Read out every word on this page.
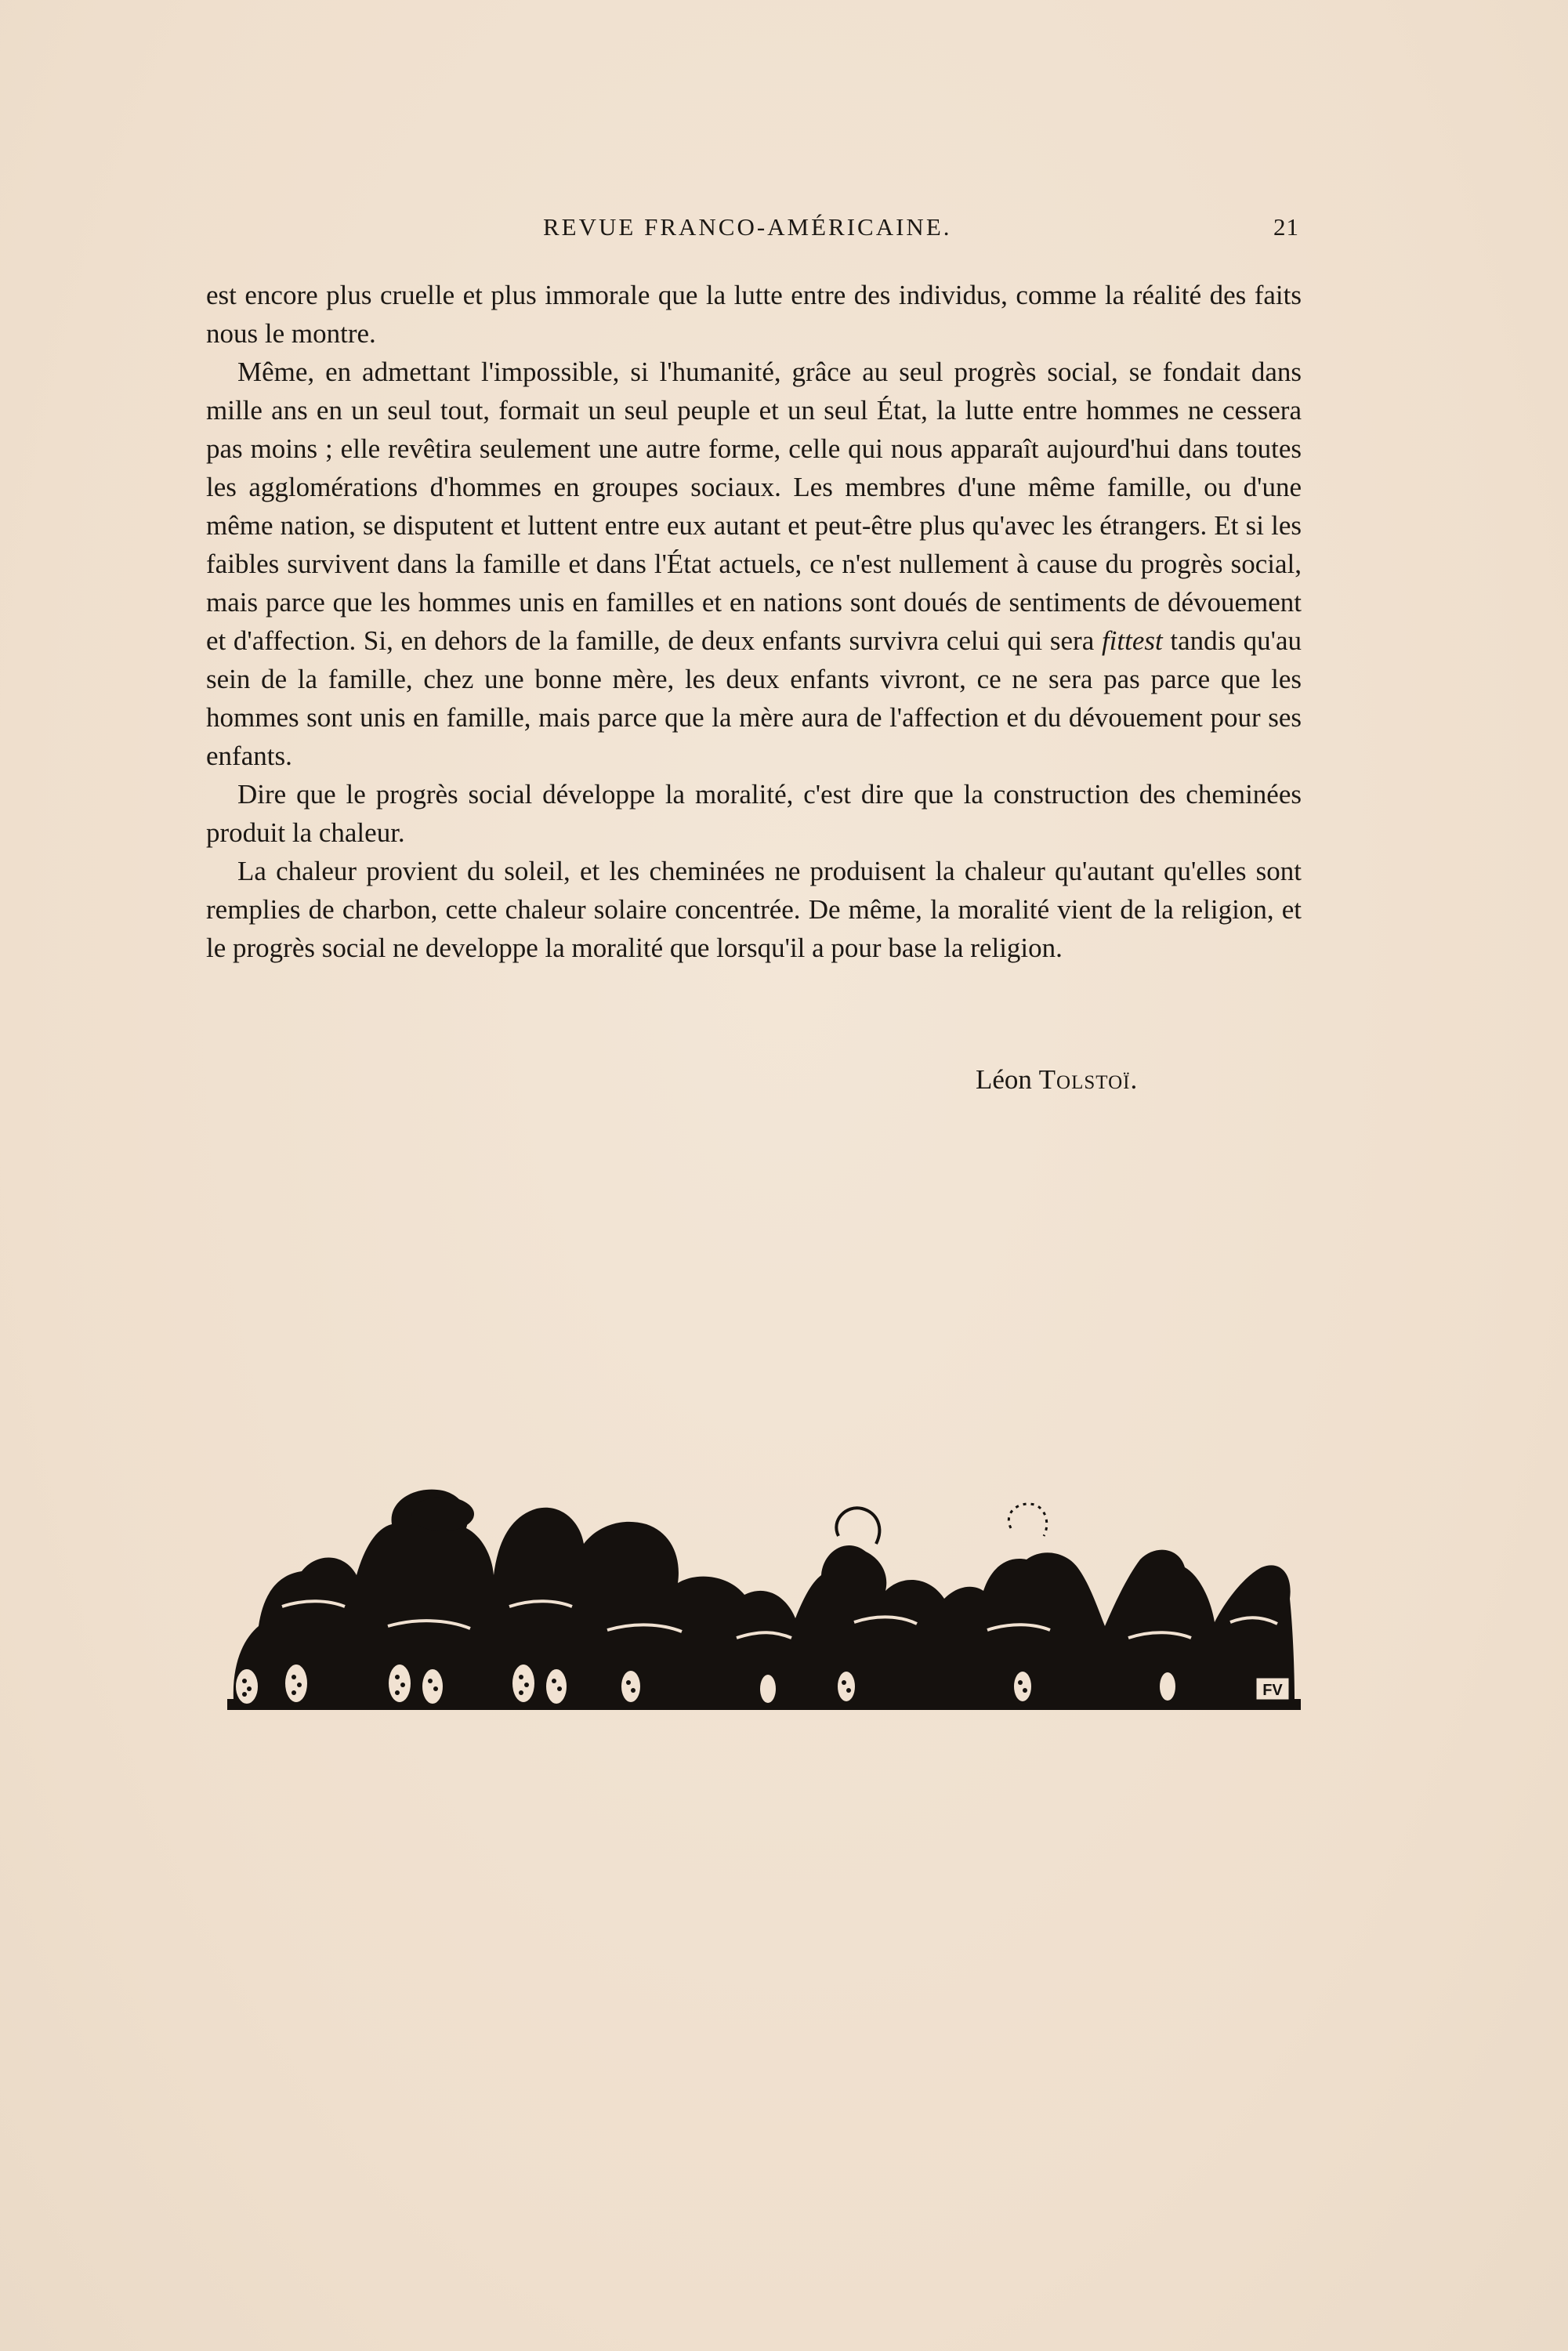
REVUE FRANCO-AMÉRICAINE.	21

est encore plus cruelle et plus immorale que la lutte entre des individus, comme la réalité des faits nous le montre.

Même, en admettant l'impossible, si l'humanité, grâce au seul progrès social, se fondait dans mille ans en un seul tout, formait un seul peuple et un seul État, la lutte entre hommes ne cessera pas moins ; elle revêtira seulement une autre forme, celle qui nous apparaît aujourd'hui dans toutes les agglomérations d'hommes en groupes sociaux. Les membres d'une même famille, ou d'une même nation, se disputent et luttent entre eux autant et peut-être plus qu'avec les étrangers. Et si les faibles survivent dans la famille et dans l'État actuels, ce n'est nullement à cause du progrès social, mais parce que les hommes unis en familles et en nations sont doués de sentiments de dévouement et d'affection. Si, en dehors de la famille, de deux enfants survivra celui qui sera fittest tandis qu'au sein de la famille, chez une bonne mère, les deux enfants vivront, ce ne sera pas parce que les hommes sont unis en famille, mais parce que la mère aura de l'affection et du dévouement pour ses enfants.

Dire que le progrès social développe la moralité, c'est dire que la construction des cheminées produit la chaleur.

La chaleur provient du soleil, et les cheminées ne produisent la chaleur qu'autant qu'elles sont remplies de charbon, cette chaleur solaire concentrée. De même, la moralité vient de la religion, et le progrès social ne developpe la moralité que lorsqu'il a pour base la religion.

Léon Tolstoï.
FV
